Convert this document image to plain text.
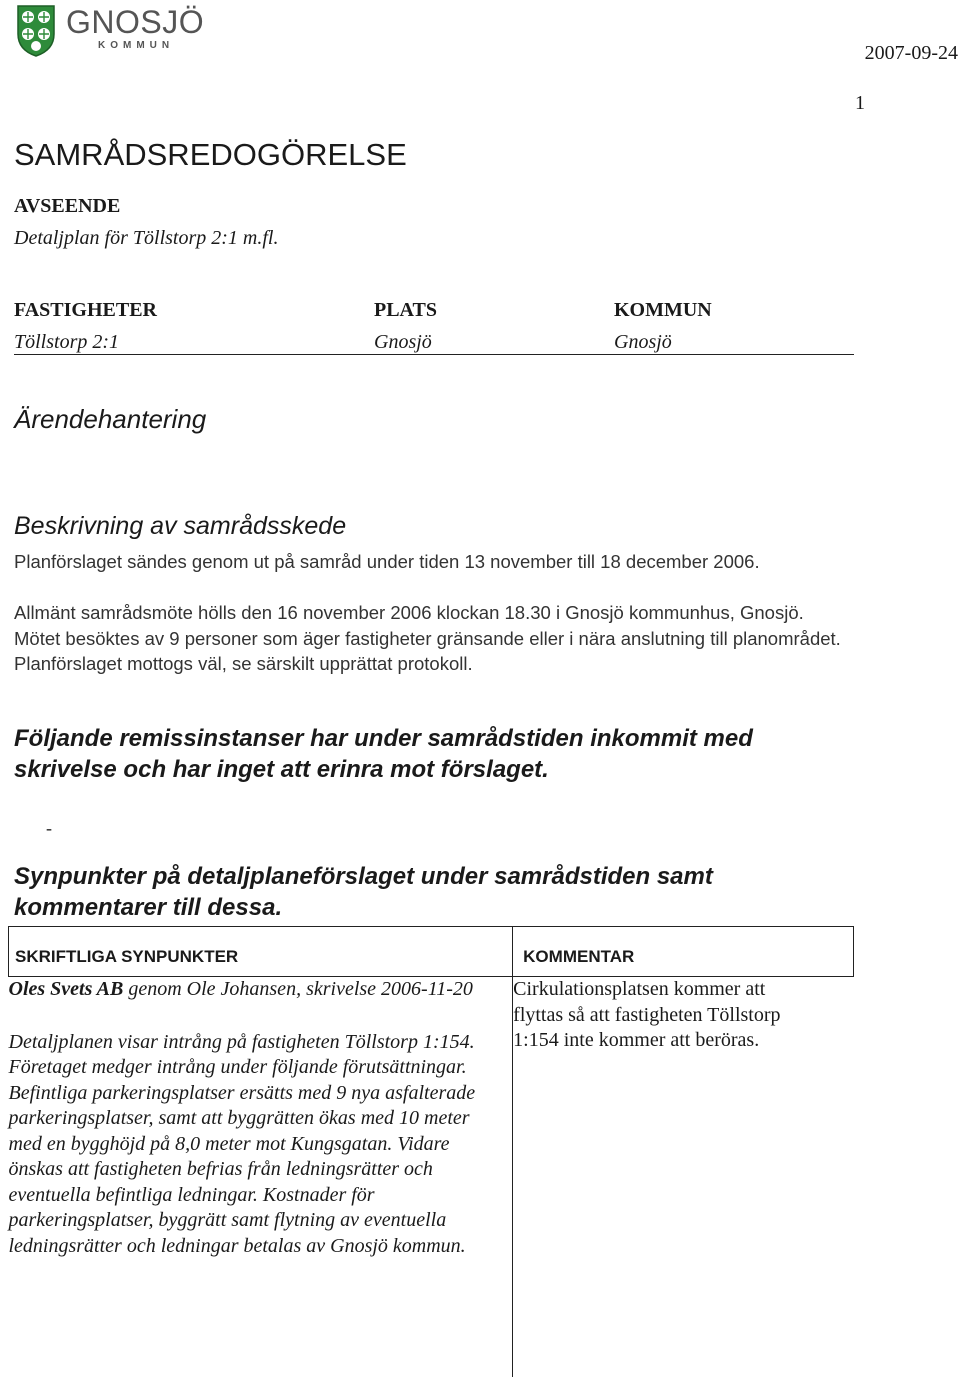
GNOSJÖ
KOMMUN	2007-09-24
1
SAMRÅDSREDOGÖRELSE
AVSEENDE
Detaljplan för Töllstorp 2:1 m.fl.
FASTIGHETER	PLATS	KOMMUN
Töllstorp 2:1	Gnosjö	Gnosjö
Ärendehantering
Beskrivning av samrådsskede

Planförslaget sändes genom ut på samråd under tiden 13 november till 18 december 2006.

Allmänt samrådsmöte hölls den 16 november 2006 klockan 18.30 i Gnosjö kommunhus, Gnosjö. Mötet besöktes av 9 personer som äger fastigheter gränsande eller i nära anslutning till planområdet. Planförslaget mottogs väl, se särskilt upprättat protokoll.

Följande remissinstanser har under samrådstiden inkommit med skrivelse och har inget att erinra mot förslaget.
-
Synpunkter på detaljplaneförslaget under samrådstiden samt kommentarer till dessa.
SKRIFTLIGA SYNPUNKTER	KOMMENTAR

Oles Svets AB genom Ole Johansen, skrivelse 2006-11-20
Detaljplanen visar intrång på fastigheten Töllstorp 1:154. Företaget medger intrång under följande förutsättningar. Befintliga parkeringsplatser ersätts med 9 nya asfalterade parkeringsplatser, samt att byggrätten ökas med 10 meter med en bygghöjd på 8,0 meter mot Kungsgatan. Vidare önskas att fastigheten befrias från ledningsrätter och eventuella befintliga ledningar. Kostnader för parkeringsplatser, byggrätt samt flytning av eventuella ledningsrätter och ledningar betalas av Gnosjö kommun.	Cirkulationsplatsen kommer att flyttas så att fastigheten Töllstorp 1:154 inte kommer att beröras.
